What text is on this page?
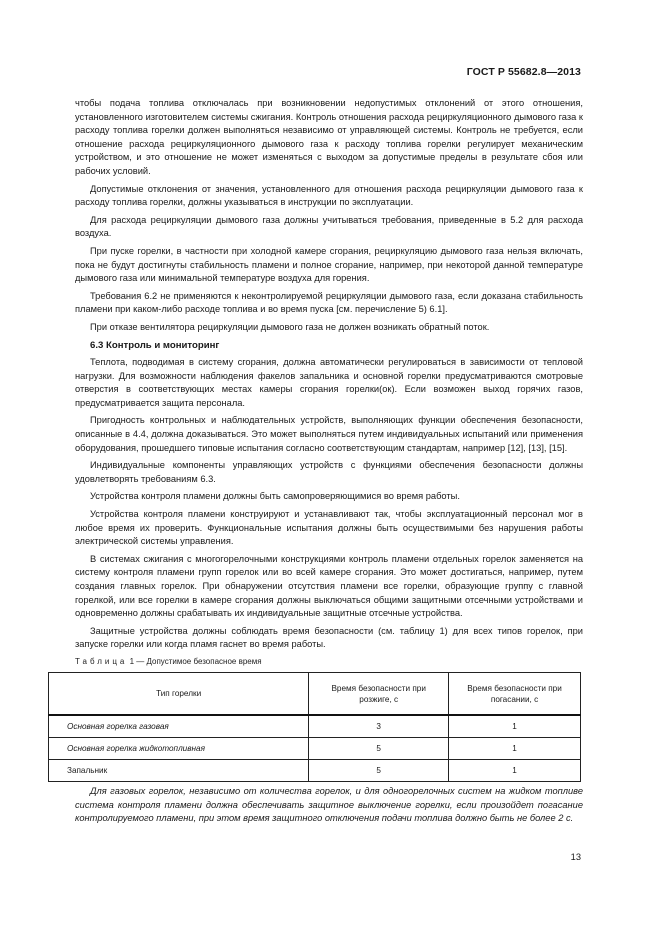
ГОСТ Р 55682.8—2013

чтобы подача топлива отключалась при возникновении недопустимых отклонений от этого отношения, установленного изготовителем системы сжигания. Контроль отношения расхода рециркуляционного дымового газа к расходу топлива горелки должен выполняться независимо от управляющей системы. Контроль не требуется, если отношение расхода рециркуляционного дымового газа к расходу топлива горелки регулирует механическим устройством, и это отношение не может изменяться с выходом за допустимые пределы в результате сбоя или рабочих условий.

Допустимые отклонения от значения, установленного для отношения расхода рециркуляции дымового газа к расходу топлива горелки, должны указываться в инструкции по эксплуатации.

Для расхода рециркуляции дымового газа должны учитываться требования, приведенные в 5.2 для расхода воздуха.

При пуске горелки, в частности при холодной камере сгорания, рециркуляцию дымового газа нельзя включать, пока не будут достигнуты стабильность пламени и полное сгорание, например, при некоторой данной температуре дымового газа или минимальной температуре воздуха для горения.

Требования 6.2 не применяются к неконтролируемой рециркуляции дымового газа, если доказана стабильность пламени при каком-либо расходе топлива и во время пуска [см. перечисление 5) 6.1].

При отказе вентилятора рециркуляции дымового газа не должен возникать обратный поток.

6.3 Контроль и мониторинг

Теплота, подводимая в систему сгорания, должна автоматически регулироваться в зависимости от тепловой нагрузки. Для возможности наблюдения факелов запальника и основной горелки предусматриваются смотровые отверстия в соответствующих местах камеры сгорания горелки(ок). Если возможен выход горячих газов, предусматривается защита персонала.

Пригодность контрольных и наблюдательных устройств, выполняющих функции обеспечения безопасности, описанные в 4.4, должна доказываться. Это может выполняться путем индивидуальных испытаний или применения оборудования, прошедшего типовые испытания согласно соответствующим стандартам, например [12], [13], [15].

Индивидуальные компоненты управляющих устройств с функциями обеспечения безопасности должны удовлетворять требованиям 6.3.

Устройства контроля пламени должны быть самопроверяющимися во время работы.

Устройства контроля пламени конструируют и устанавливают так, чтобы эксплуатационный персонал мог в любое время их проверить. Функциональные испытания должны быть осуществимыми без нарушения работы электрической системы управления.

В системах сжигания с многогорелочными конструкциями контроль пламени отдельных горелок заменяется на систему контроля пламени групп горелок или во всей камере сгорания. Это может достигаться, например, путем создания главных горелок. При обнаружении отсутствия пламени все горелки, образующие группу с главной горелкой, или все горелки в камере сгорания должны выключаться общими защитными отсечными устройствами и одновременно должны срабатывать их индивидуальные защитные отсечные устройства.

Защитные устройства должны соблюдать время безопасности (см. таблицу 1) для всех типов горелок, при запуске горелки или когда пламя гаснет во время работы.

Таблица 1 — Допустимое безопасное время
Тип горелки	Время безопасности при розжиге, с	Время безопасности при погасании, с

Основная горелка газовая	3	1
Основная горелка жидкотопливная	5	1
Запальник	5	1
Для газовых горелок, независимо от количества горелок, и для одногорелочных систем на жидком топливе система контроля пламени должна обеспечивать защитное выключение горелки, если произойдет погасание контролируемого пламени, при этом время защитного отключения подачи топлива должно быть не более 2 с.
13
